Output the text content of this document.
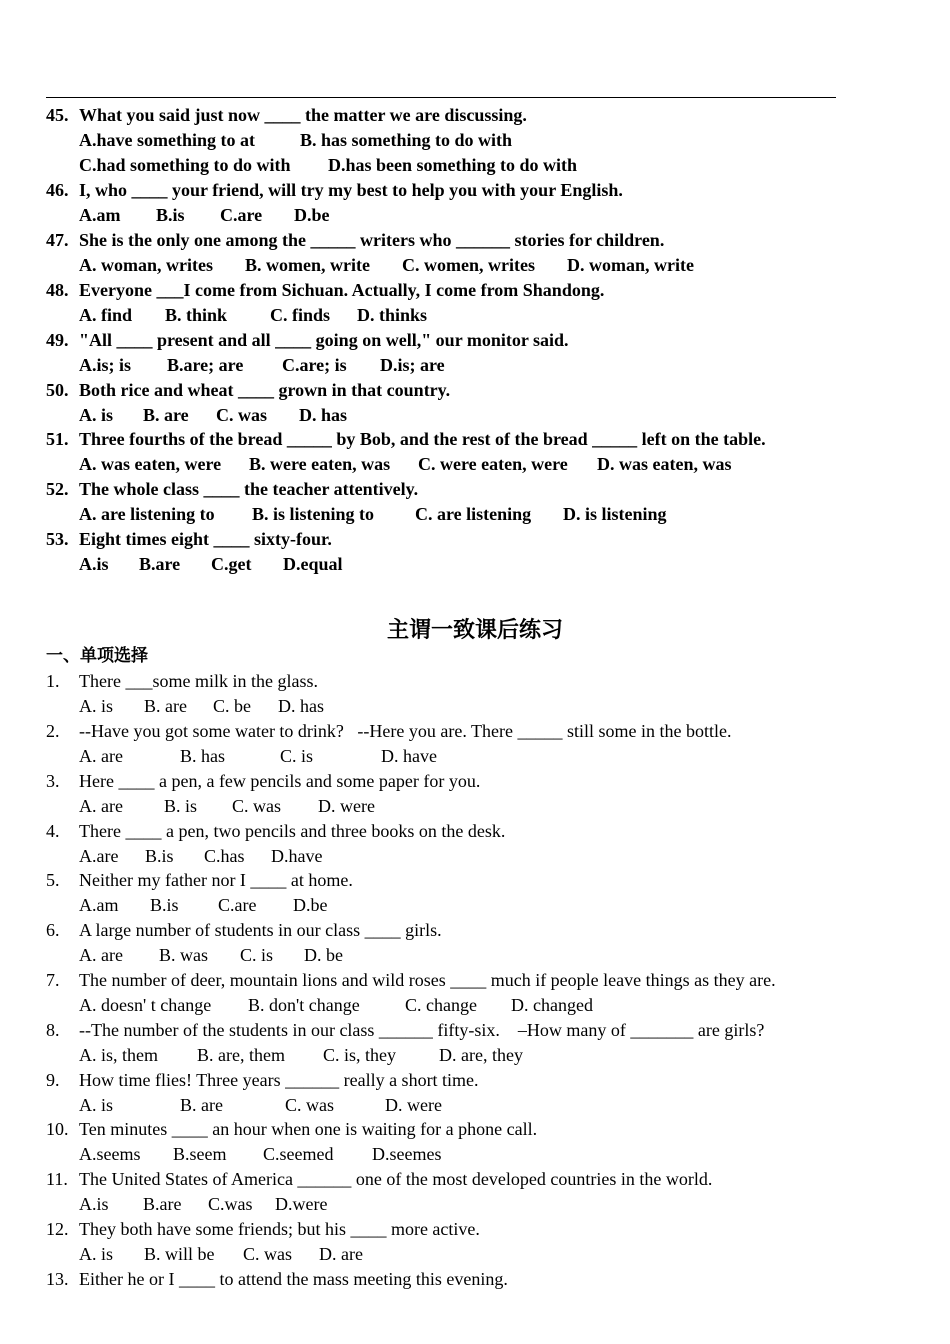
45. What you said just now ____ the matter we are discussing.
A.have something to at	B. has something to do with
C.had something to do with D.has been something to do with
46. I, who ____ your friend, will try my best to help you with your English.
A.am B.is C.are D.be
47. She is the only one among the _____ writers who ______ stories for children.
A. woman, writes B. women, write C. women, writes D. woman, write
48. Everyone ___I come from Sichuan. Actually, I come from Shandong.
A. find B. think C. finds D. thinks
49. "All ____ present and all ____ going on well," our monitor said.
A.is; is B.are; are C.are; is D.is; are
50. Both rice and wheat ____ grown in that country.
A. is B. are C. was D. has
51. Three fourths of the bread _____ by Bob, and the rest of the bread _____ left on the table.
A. was eaten, were B. were eaten, was C. were eaten, were D. was eaten, was
52. The whole class ____ the teacher attentively.
A. are listening to B. is listening to C. are listening D. is listening
53. Eight times eight ____ sixty-four.
A.is B.are C.get D.equal
主谓一致课后练习
一、单项选择
1. There ___some milk in the glass.
A. is B. are C. be D. has
2. --Have you got some water to drink?   --Here you are. There _____ still some in the bottle.
A. are	B. has	C. is	D. have
3. Here ____ a pen, a few pencils and some paper for you.
A. are B. is C. was D. were
4. There ____ a pen, two pencils and three books on the desk.
A.are B.is C.has D.have
5. Neither my father nor I ____ at home.
A.am B.is C.are D.be
6. A large number of students in our class ____ girls.
A. are B. was C. is D. be
7. The number of deer, mountain lions and wild roses ____ much if people leave things as they are.
A. doesn' t change B. don't change	C. change D. changed
8. --The number of the students in our class ______ fifty-six.    –How many of _______ are girls?
A. is, them B. are, them C. is, they D. are, they
9. How time flies! Three years ______ really a short time.
A. is	B. are	C. was	D. were
10. Ten minutes ____ an hour when one is waiting for a phone call.
A.seems B.seem C.seemed D.seemes
11. The United States of America ______ one of the most developed countries in the world.
A.is B.are C.was D.were
12. They both have some friends; but his ____ more active.
A. is B. will be C. was D. are
13. Either he or I ____ to attend the mass meeting this evening.
